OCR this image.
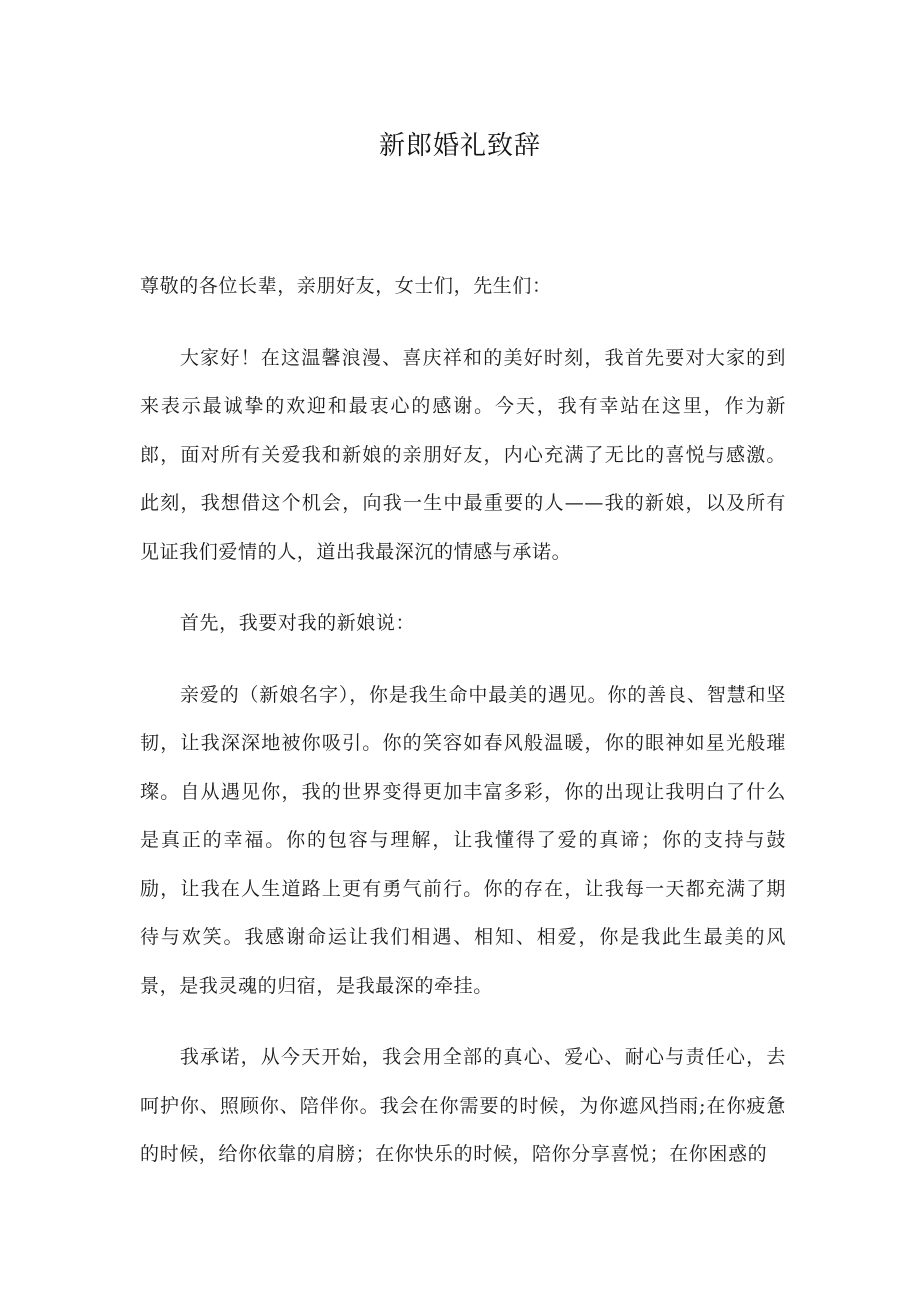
新郎婚礼致辞

尊敬的各位长辈，亲朋好友，女士们，先生们：

大家好！在这温馨浪漫、喜庆祥和的美好时刻，我首先要对大家的到来表示最诚挚的欢迎和最衷心的感谢。今天，我有幸站在这里，作为新郎，面对所有关爱我和新娘的亲朋好友，内心充满了无比的喜悦与感激。此刻，我想借这个机会，向我一生中最重要的人——我的新娘，以及所有见证我们爱情的人，道出我最深沉的情感与承诺。

首先，我要对我的新娘说：

亲爱的（新娘名字），你是我生命中最美的遇见。你的善良、智慧和坚韧，让我深深地被你吸引。你的笑容如春风般温暖，你的眼神如星光般璀璨。自从遇见你，我的世界变得更加丰富多彩，你的出现让我明白了什么是真正的幸福。你的包容与理解，让我懂得了爱的真谛；你的支持与鼓励，让我在人生道路上更有勇气前行。你的存在，让我每一天都充满了期待与欢笑。我感谢命运让我们相遇、相知、相爱，你是我此生最美的风景，是我灵魂的归宿，是我最深的牵挂。

我承诺，从今天开始，我会用全部的真心、爱心、耐心与责任心，去呵护你、照顾你、陪伴你。我会在你需要的时候，为你遮风挡雨;在你疲惫的时候，给你依靠的肩膀；在你快乐的时候，陪你分享喜悦；在你困惑的
